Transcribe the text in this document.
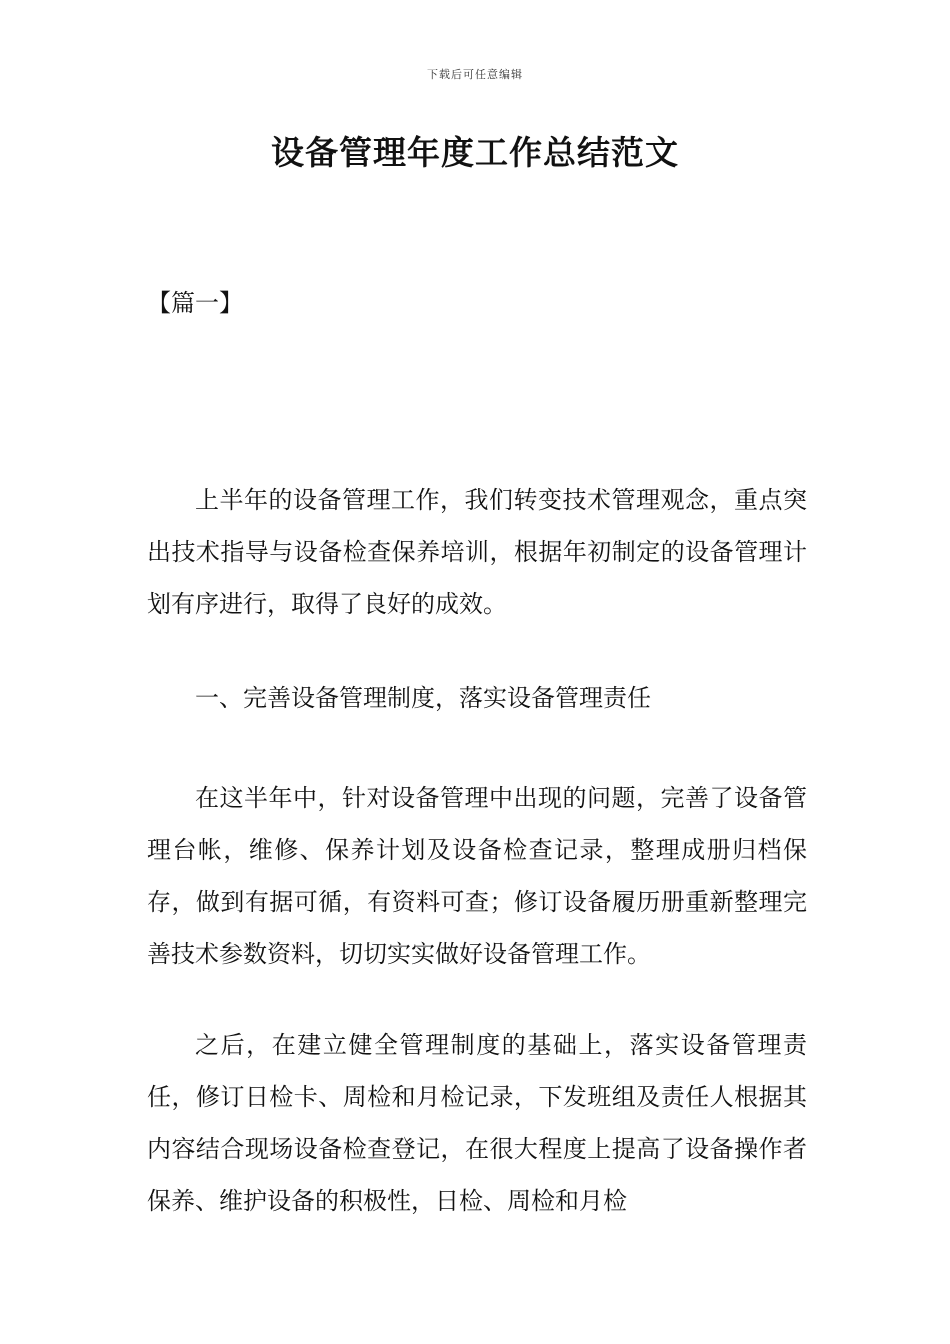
下载后可任意编辑
设备管理年度工作总结范文
【篇一】

上半年的设备管理工作，我们转变技术管理观念，重点突出技术指导与设备检查保养培训，根据年初制定的设备管理计划有序进行，取得了良好的成效。

一、完善设备管理制度，落实设备管理责任

在这半年中，针对设备管理中出现的问题，完善了设备管理台帐，维修、保养计划及设备检查记录，整理成册归档保存，做到有据可循，有资料可查；修订设备履历册重新整理完善技术参数资料，切切实实做好设备管理工作。

之后，在建立健全管理制度的基础上，落实设备管理责任，修订日检卡、周检和月检记录，下发班组及责任人根据其内容结合现场设备检查登记，在很大程度上提高了设备操作者保养、维护设备的积极性，日检、周检和月检
